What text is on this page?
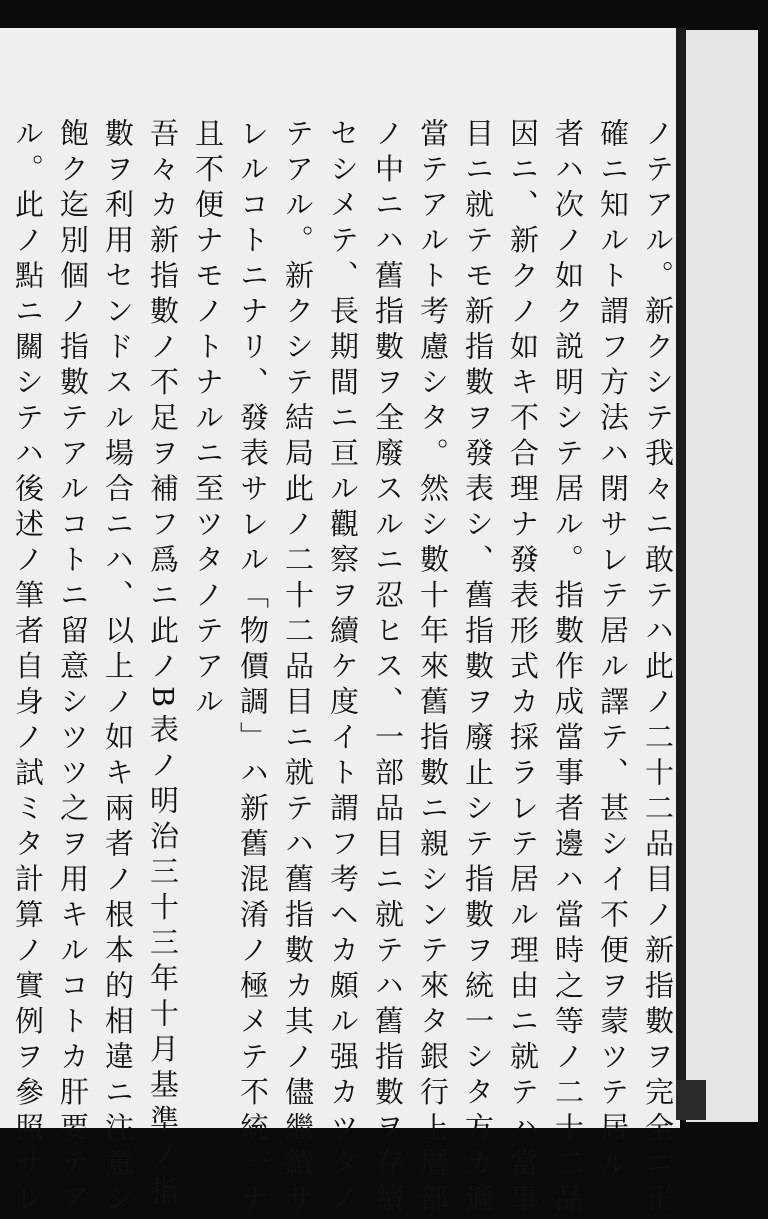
ノテアル。新クシテ我々ニ敢テハ此ノ二十二品目ノ新指數ヲ完全ニ正
確ニ知ルト謂フ方法ハ閉サレテ居ル譯テ、甚シイ不便ヲ蒙ツテ居ル
者ハ次ノ如ク説明シテ居ル。指數作成當事者邊ハ當時之等ノ二十二品
因ニ、新クノ如キ不合理ナ發表形式カ採ラレテ居ル理由ニ就テハ當事
目ニ就テモ新指數ヲ發表シ、舊指數ヲ廢止シテ指數ヲ統一シタ方カ適
當テアルト考慮シタ。然シ數十年來舊指數ニ親シンテ來タ銀行上層部
ノ中ニハ舊指數ヲ全廢スルニ忍ヒス、一部品目ニ就テハ舊指數ヲ存續
セシメテ、長期間ニ亘ル觀察ヲ續ケ度イト謂フ考ヘカ頗ル强カツタノ
テアル。新クシテ結局此ノ二十二品目ニ就テハ舊指數カ其ノ儘繼續サ
レルコトニナリ、發表サレル「物價調」ハ新舊混淆ノ極メテ不統一ナ
且不便ナモノトナルニ至ツタノテアル
吾々カ新指數ノ不足ヲ補フ爲ニ此ノB表ノ明治三十三年十月基準ノ指
數ヲ利用センドスル場合ニハ、以上ノ如キ兩者ノ根本的相違ニ注意シ
飽ク迄別個ノ指數テアルコトニ留意シツツ之ヲ用キルコトカ肝要テア
ル。此ノ點ニ關シテハ後述ノ筆者自身ノ試ミタ計算ノ實例ヲ參照サレ
